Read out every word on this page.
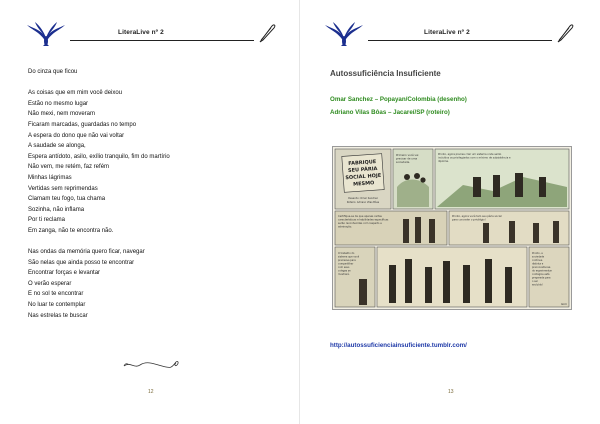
LiteraLive nº 2
Do cinza que ficou
As coisas que em mim você deixou
Estão no mesmo lugar
Não mexi, nem moveram
Ficaram marcadas, guardadas no tempo
A espera do dono que não vai voltar
A saudade se alonga,
Espera antídoto, asilo, exílio tranquilo, fim do martírio
Não vem, me retém, faz refém
Minhas lágrimas
Vertidas sem reprimendas
Clamam teu fogo, tua chama
Sozinha, não inflama
Por ti reclama
Em zanga, não te encontra não.
Nas ondas da memória quero ficar, navegar
São nelas que ainda posso te encontrar
Encontrar forças e levantar
O verão esperar
E no sol te encontrar
No luar te contemplar
Nas estrelas te buscar
12
LiteraLive nº 2
Autossuficiência Insuficiente
Omar Sanchez – Popayan/Colombia (desenho)
Adriano Vilas Bôas – Jacareí/SP (roteiro)
FABRIQUE
SEU PÁRIA
SOCIAL HOJE
MESMO
Desenho: Omar Sanchez
Roteiro: Adriano Vilas Bôas
Primeiro você vai
precisar de uma
sociedade.
Pronto, agora precisa criar um sistema onde serão
incluídos os privilegiados com o mínimo de subsistência e
diploma.
Certifique-se de que apenas certas
características e habilidades específicas
serão reconhecidas com respeito e
admiração.
Pronto, agora você tem seu pária social
para conceder o privilégio!
O trabalho do
sistema que você
precisava para
compartilhar
com seus
colegas se
mostrará.
Pronto, a
sociedade
contínua
distinta e
preconceituosa
do experimentar
contágios está
preparada para
o ser
excluído!
Gim
http://autossuficienciainsuficiente.tumblr.com/
13
